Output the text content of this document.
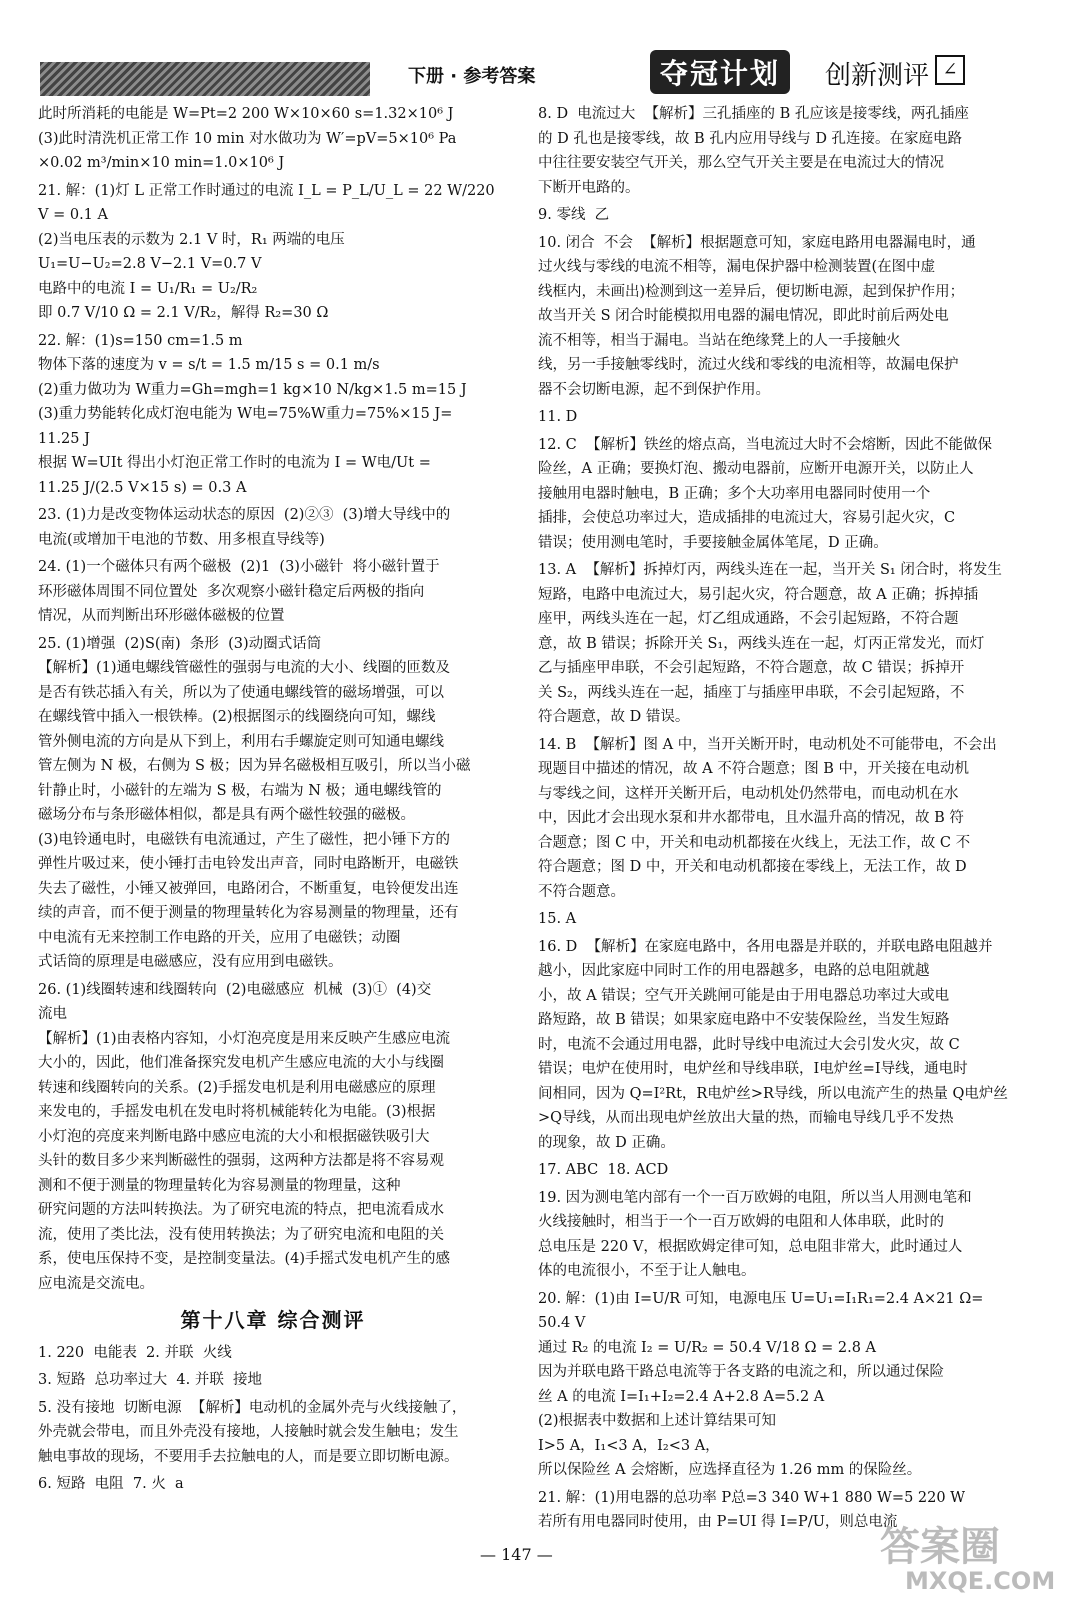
下册 · 参考答案	夺冠计划	创新测评 ∠

此时所消耗的电能是 W=Pt=2 200 W×10×60 s=1.32×10⁶ J

(3)此时清洗机正常工作 10 min 对水做功为 W′=pV=5×10⁶ Pa

×0.02 m³/min×10 min=1.0×10⁶ J

21. 解：(1)灯 L 正常工作时通过的电流 I_L = P_L/U_L = 22 W/220 V = 0.1 A

(2)当电压表的示数为 2.1 V 时，R₁ 两端的电压

U₁=U−U₂=2.8 V−2.1 V=0.7 V

电路中的电流 I = U₁/R₁ = U₂/R₂

即 0.7 V/10 Ω = 2.1 V/R₂，解得 R₂=30 Ω

22. 解：(1)s=150 cm=1.5 m

物体下落的速度为 v = s/t = 1.5 m/15 s = 0.1 m/s

(2)重力做功为 W重力=Gh=mgh=1 kg×10 N/kg×1.5 m=15 J

(3)重力势能转化成灯泡电能为 W电=75%W重力=75%×15 J=

11.25 J

根据 W=UIt 得出小灯泡正常工作时的电流为 I = W电/Ut =

11.25 J/(2.5 V×15 s) = 0.3 A

23. (1)力是改变物体运动状态的原因  (2)②③  (3)增大导线中的

电流(或增加干电池的节数、用多根直导线等)

24. (1)一个磁体只有两个磁极  (2)1  (3)小磁针  将小磁针置于

环形磁体周围不同位置处  多次观察小磁针稳定后两极的指向

情况，从而判断出环形磁体磁极的位置

25. (1)增强  (2)S(南)  条形  (3)动圈式话筒

【解析】(1)通电螺线管磁性的强弱与电流的大小、线圈的匝数及

是否有铁芯插入有关，所以为了使通电螺线管的磁场增强，可以

在螺线管中插入一根铁棒。(2)根据图示的线圈绕向可知，螺线

管外侧电流的方向是从下到上，利用右手螺旋定则可知通电螺线

管左侧为 N 极，右侧为 S 极；因为异名磁极相互吸引，所以当小磁

针静止时，小磁针的左端为 S 极，右端为 N 极；通电螺线管的

磁场分布与条形磁体相似，都是具有两个磁性较强的磁极。

(3)电铃通电时，电磁铁有电流通过，产生了磁性，把小锤下方的

弹性片吸过来，使小锤打击电铃发出声音，同时电路断开，电磁铁

失去了磁性，小锤又被弹回，电路闭合，不断重复，电铃便发出连

续的声音，而不便于测量的物理量转化为容易测量的物理量，还有

中电流有无来控制工作电路的开关，应用了电磁铁；动圈

式话筒的原理是电磁感应，没有应用到电磁铁。

26. (1)线圈转速和线圈转向  (2)电磁感应  机械  (3)①  (4)交

流电

【解析】(1)由表格内容知，小灯泡亮度是用来反映产生感应电流

大小的，因此，他们准备探究发电机产生感应电流的大小与线圈

转速和线圈转向的关系。(2)手摇发电机是利用电磁感应的原理

来发电的，手摇发电机在发电时将机械能转化为电能。(3)根据

小灯泡的亮度来判断电路中感应电流的大小和根据磁铁吸引大

头针的数目多少来判断磁性的强弱，这两种方法都是将不容易观

测和不便于测量的物理量转化为容易测量的物理量，这种

研究问题的方法叫转换法。为了研究电流的特点，把电流看成水

流，使用了类比法，没有使用转换法；为了研究电流和电阻的关

系，使电压保持不变，是控制变量法。(4)手摇式发电机产生的感

应电流是交流电。

第十八章 综合测评

1. 220  电能表  2. 并联  火线

3. 短路  总功率过大  4. 并联  接地

5. 没有接地  切断电源  【解析】电动机的金属外壳与火线接触了，

外壳就会带电，而且外壳没有接地，人接触时就会发生触电；发生

触电事故的现场，不要用手去拉触电的人，而是要立即切断电源。

6. 短路  电阻  7. 火  a

8. D  电流过大  【解析】三孔插座的 B 孔应该是接零线，两孔插座

的 D 孔也是接零线，故 B 孔内应用导线与 D 孔连接。在家庭电路

中往往要安装空气开关，那么空气开关主要是在电流过大的情况

下断开电路的。

9. 零线  乙

10. 闭合  不会  【解析】根据题意可知，家庭电路用电器漏电时，通

过火线与零线的电流不相等，漏电保护器中检测装置(在图中虚

线框内，未画出)检测到这一差异后，便切断电源，起到保护作用；

故当开关 S 闭合时能模拟用电器的漏电情况，即此时前后两处电

流不相等，相当于漏电。当站在绝缘凳上的人一手接触火

线，另一手接触零线时，流过火线和零线的电流相等，故漏电保护

器不会切断电源，起不到保护作用。

11. D

12. C  【解析】铁丝的熔点高，当电流过大时不会熔断，因此不能做保

险丝，A 正确；要换灯泡、搬动电器前，应断开电源开关，以防止人

接触用电器时触电，B 正确；多个大功率用电器同时使用一个

插排，会使总功率过大，造成插排的电流过大，容易引起火灾，C

错误；使用测电笔时，手要接触金属体笔尾，D 正确。

13. A  【解析】拆掉灯丙，两线头连在一起，当开关 S₁ 闭合时，将发生

短路，电路中电流过大，易引起火灾，符合题意，故 A 正确；拆掉插

座甲，两线头连在一起，灯乙组成通路，不会引起短路，不符合题

意，故 B 错误；拆除开关 S₁，两线头连在一起，灯丙正常发光，而灯

乙与插座甲串联，不会引起短路，不符合题意，故 C 错误；拆掉开

关 S₂，两线头连在一起，插座丁与插座甲串联，不会引起短路，不

符合题意，故 D 错误。

14. B  【解析】图 A 中，当开关断开时，电动机处不可能带电，不会出

现题目中描述的情况，故 A 不符合题意；图 B 中，开关接在电动机

与零线之间，这样开关断开后，电动机处仍然带电，而电动机在水

中，因此才会出现水泵和井水都带电，且水温升高的情况，故 B 符

合题意；图 C 中，开关和电动机都接在火线上，无法工作，故 C 不

符合题意；图 D 中，开关和电动机都接在零线上，无法工作，故 D

不符合题意。

15. A

16. D  【解析】在家庭电路中，各用电器是并联的，并联电路电阻越并

越小，因此家庭中同时工作的用电器越多，电路的总电阻就越

小，故 A 错误；空气开关跳闸可能是由于用电器总功率过大或电

路短路，故 B 错误；如果家庭电路中不安装保险丝，当发生短路

时，电流不会通过用电器，此时导线中电流过大会引发火灾，故 C

错误；电炉在使用时，电炉丝和导线串联，I电炉丝=I导线，通电时

间相同，因为 Q=I²Rt，R电炉丝>R导线，所以电流产生的热量 Q电炉丝

>Q导线，从而出现电炉丝放出大量的热，而输电导线几乎不发热

的现象，故 D 正确。

17. ABC  18. ACD

19. 因为测电笔内部有一个一百万欧姆的电阻，所以当人用测电笔和

火线接触时，相当于一个一百万欧姆的电阻和人体串联，此时的

总电压是 220 V，根据欧姆定律可知，总电阻非常大，此时通过人

体的电流很小，不至于让人触电。

20. 解：(1)由 I=U/R 可知，电源电压 U=U₁=I₁R₁=2.4 A×21 Ω=

50.4 V

通过 R₂ 的电流 I₂ = U/R₂ = 50.4 V/18 Ω = 2.8 A

因为并联电路干路总电流等于各支路的电流之和，所以通过保险

丝 A 的电流 I=I₁+I₂=2.4 A+2.8 A=5.2 A

(2)根据表中数据和上述计算结果可知

I>5 A，I₁<3 A，I₂<3 A，

所以保险丝 A 会熔断，应选择直径为 1.26 mm 的保险丝。

21. 解：(1)用电器的总功率 P总=3 340 W+1 880 W=5 220 W

若所有用电器同时使用，由 P=UI 得 I=P/U，则总电流

— 147 —	答案圈
MXQE.COM
